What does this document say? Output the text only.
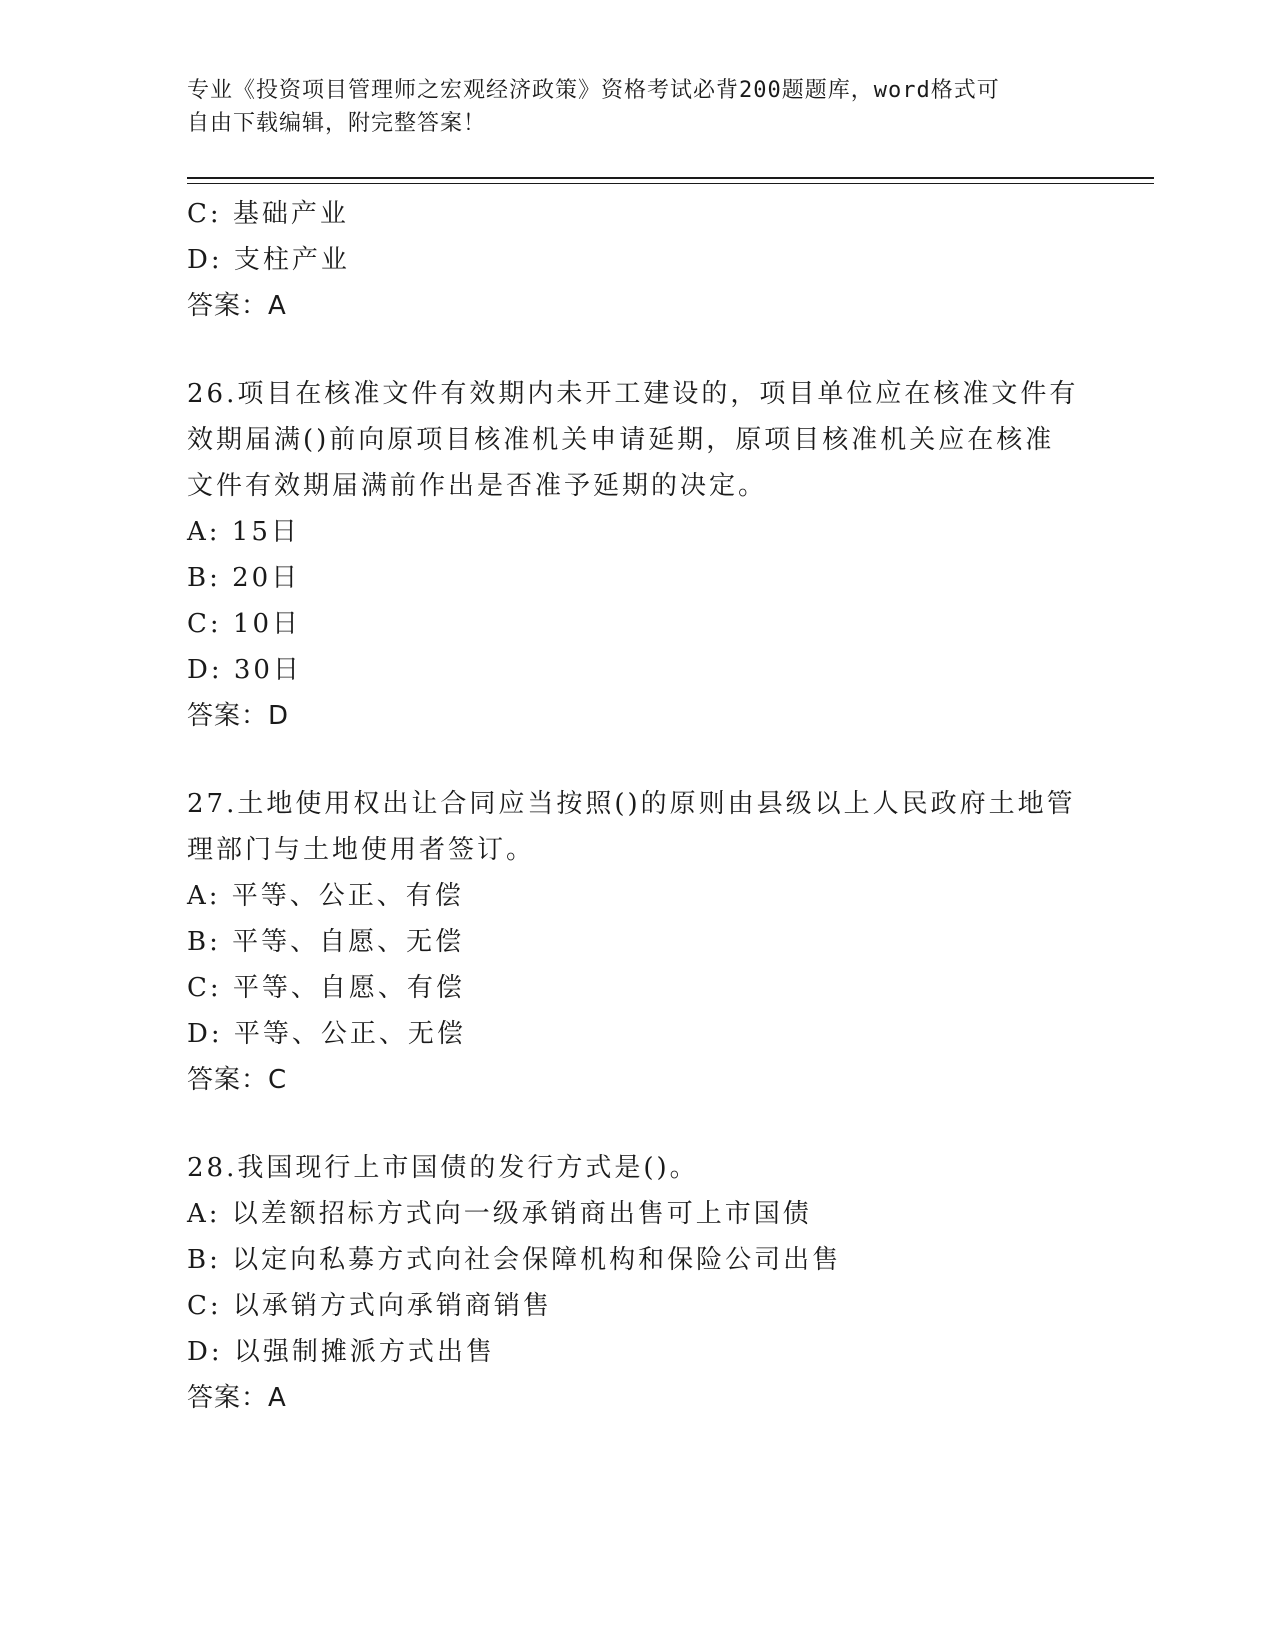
专业《投资项目管理师之宏观经济政策》资格考试必背200题题库，word格式可
自由下载编辑，附完整答案！
C: 基础产业
D: 支柱产业
答案：A
26.项目在核准文件有效期内未开工建设的，项目单位应在核准文件有
效期届满()前向原项目核准机关申请延期，原项目核准机关应在核准
文件有效期届满前作出是否准予延期的决定。
A: 15日
B: 20日
C: 10日
D: 30日
答案：D
27.土地使用权出让合同应当按照()的原则由县级以上人民政府土地管
理部门与土地使用者签订。
A: 平等、公正、有偿
B: 平等、自愿、无偿
C: 平等、自愿、有偿
D: 平等、公正、无偿
答案：C
28.我国现行上市国债的发行方式是()。
A: 以差额招标方式向一级承销商出售可上市国债
B: 以定向私募方式向社会保障机构和保险公司出售
C: 以承销方式向承销商销售
D: 以强制摊派方式出售
答案：A
